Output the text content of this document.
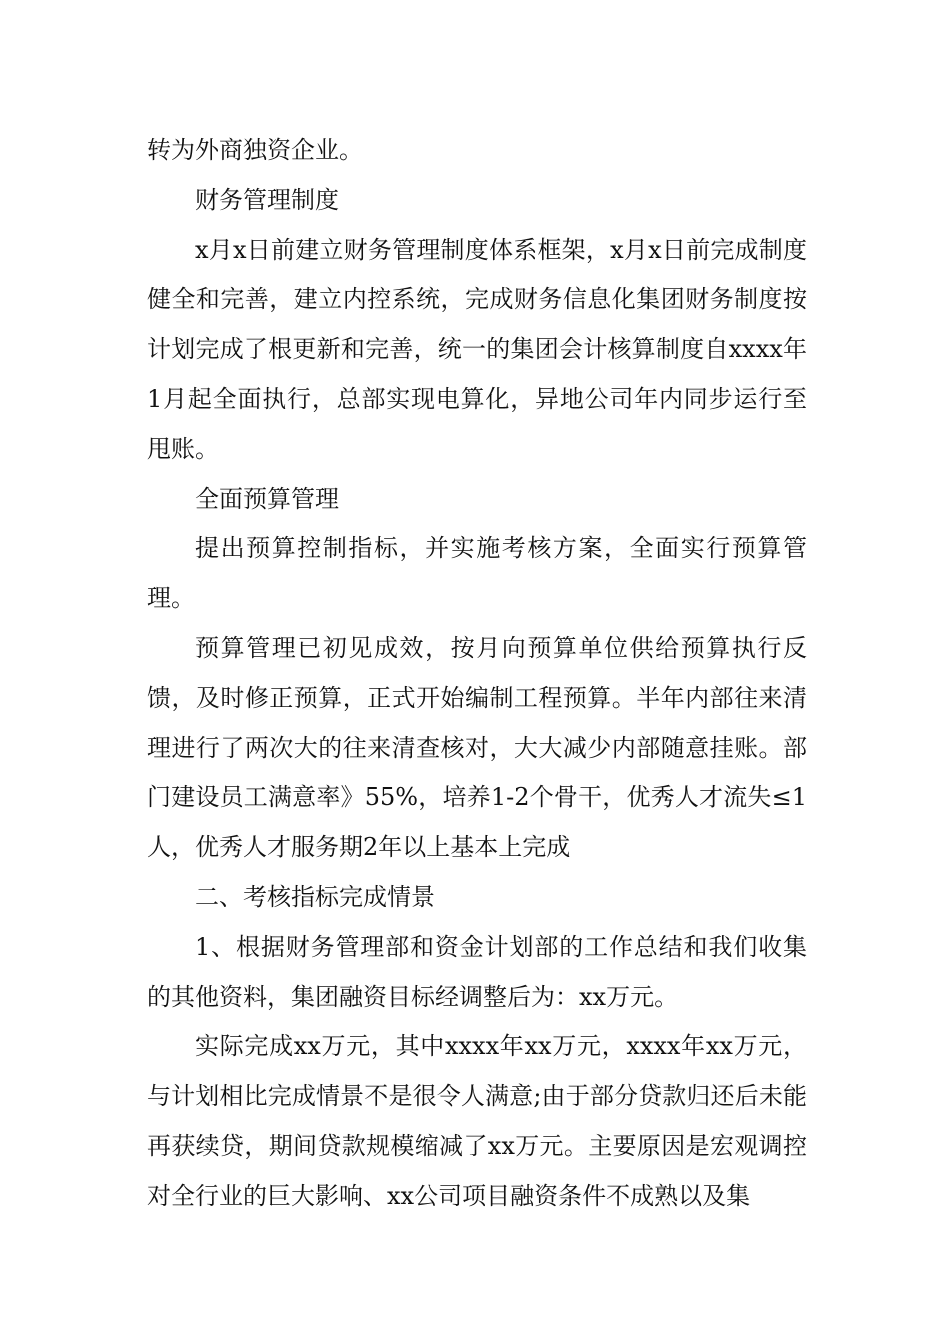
转为外商独资企业。

财务管理制度

x月x日前建立财务管理制度体系框架，x月x日前完成制度健全和完善，建立内控系统，完成财务信息化集团财务制度按计划完成了根更新和完善，统一的集团会计核算制度自xxxx年1月起全面执行，总部实现电算化，异地公司年内同步运行至甩账。

全面预算管理

提出预算控制指标，并实施考核方案，全面实行预算管理。

预算管理已初见成效，按月向预算单位供给预算执行反馈，及时修正预算，正式开始编制工程预算。半年内部往来清理进行了两次大的往来清查核对，大大减少内部随意挂账。部门建设员工满意率》55%，培养1-2个骨干，优秀人才流失≤1人，优秀人才服务期2年以上基本上完成

二、考核指标完成情景

1、根据财务管理部和资金计划部的工作总结和我们收集的其他资料，集团融资目标经调整后为：xx万元。

实际完成xx万元，其中xxxx年xx万元，xxxx年xx万元，与计划相比完成情景不是很令人满意;由于部分贷款归还后未能再获续贷，期间贷款规模缩减了xx万元。主要原因是宏观调控对全行业的巨大影响、xx公司项目融资条件不成熟以及集
